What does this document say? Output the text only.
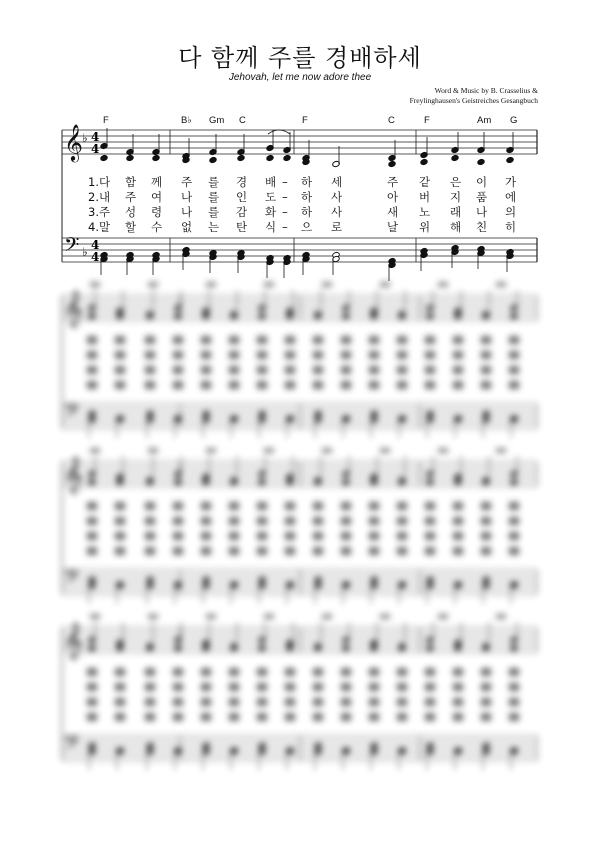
다 함께 주를 경배하세
Jehovah, let me now adore thee
Word & Music by B. Crasselius &
Freylinghausen's Geistreiches Gesangbuch
𝄞
𝄢
♭
♭
4
4
4
4
F	B♭ Gm C	F	C	F	Am G
1.다 함 께 주 를 경 배 – 하 세	주 같 은 이 가
2.내 주 여 나 를 인 도 – 하 사	아 버 지 품 에
3.주 성 령 나 를 감 화 – 하 사	새 노 래 나 의
4.말 할 수 없 는 탄 식 – 으 로	날 위 해 친 히
𝄞
𝄢
𝄞
𝄢
𝄞
𝄢
